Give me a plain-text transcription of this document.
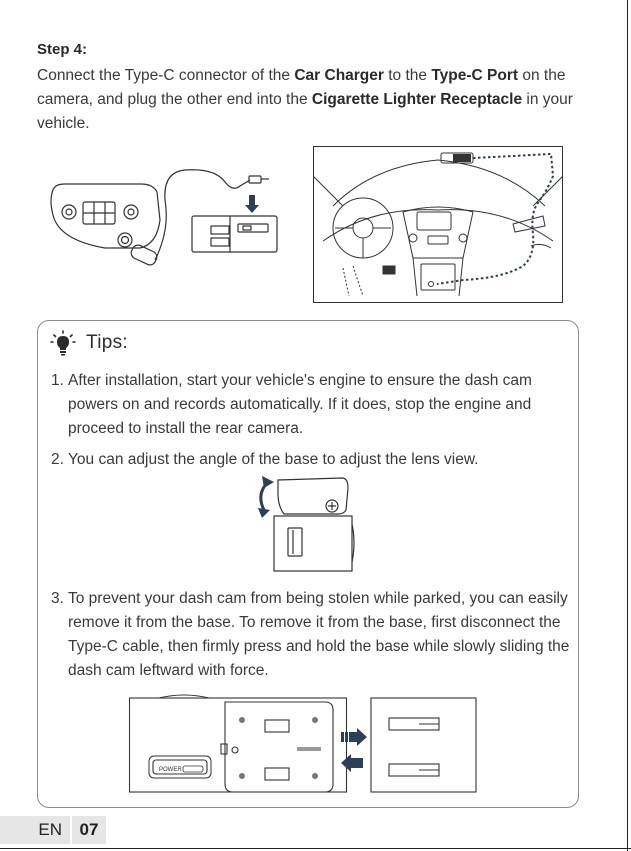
Step 4:

Connect the Type-C connector of the Car Charger to the Type-C Port on the camera, and plug the other end into the Cigarette Lighter Receptacle in your vehicle.

Tips:
1. After installation, start your vehicle's engine to ensure the dash cam powers on and records automatically. If it does, stop the engine and proceed to install the rear camera.
2. You can adjust the angle of the base to adjust the lens view.
3. To prevent your dash cam from being stolen while parked, you can easily remove it from the base. To remove it from the base, first disconnect the Type-C cable, then firmly press and hold the base while slowly sliding the dash cam leftward with force.
POWER
EN	07
